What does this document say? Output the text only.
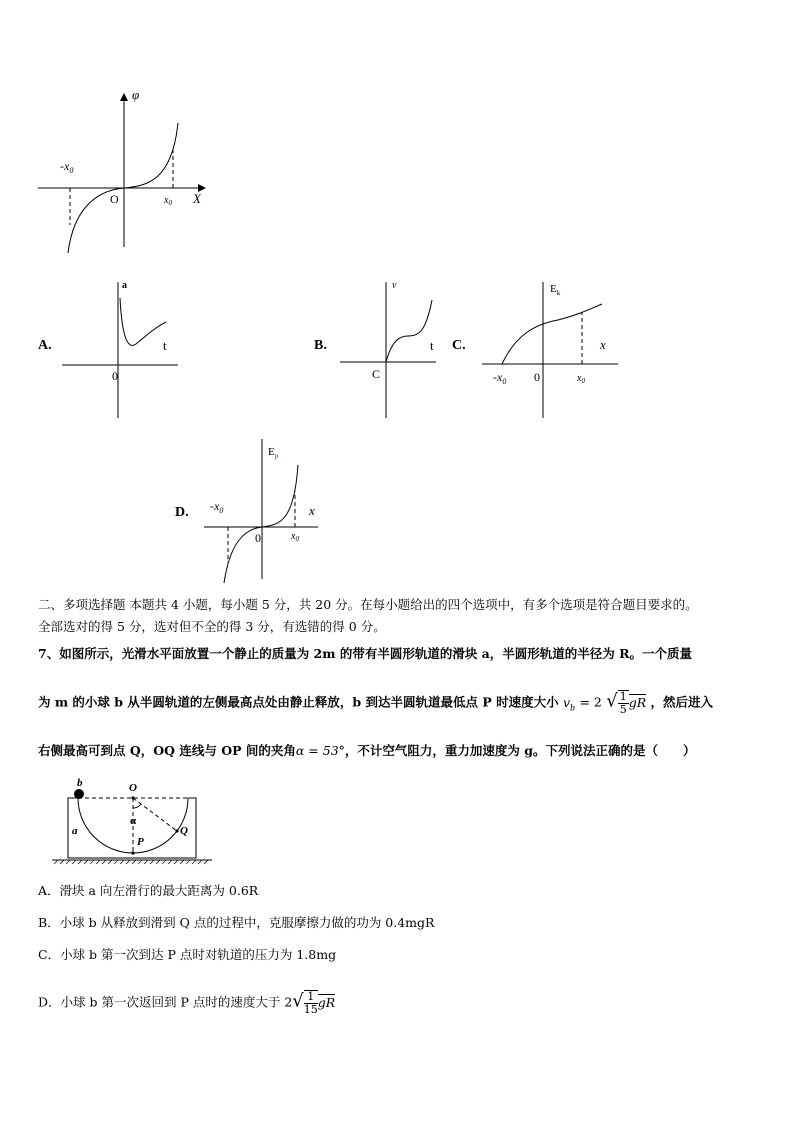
φ
$-x_0$
O	$x_0$ X
A.
a
t
0
B.
v
t
C
C.
$E_k$
x
$-x_0$ 0	$x_0$
D.
$E_p$
x
$-x_0$
0	$x_0$
二、多项选择题 本题共 4 小题，每小题 5 分，共 20 分。在每小题给出的四个选项中，有多个选项是符合题目要求的。
全部选对的得 5 分，选对但不全的得 3 分，有选错的得 0 分。
7、如图所示，光滑水平面放置一个静止的质量为 2m 的带有半圆形轨道的滑块 a，半圆形轨道的半径为 R。一个质量
为 m 的小球 b 从半圆轨道的左侧最高点处由静止释放，b 到达半圆轨道最低点 P 时速度大小 $v_b = 2$ √ $\frac{1}{5}$ gR ，然后进入
右侧最高可到点 Q，OQ 连线与 OP 间的夹角α = 53°，不计空气阻力，重力加速度为 g。下列说法正确的是（　　）
b	O
a
α
P
Q
A．滑块 a 向左滑行的最大距离为 0.6R
B．小球 b 从释放到滑到 Q 点的过程中，克服摩擦力做的功为 0.4mgR
C．小球 b 第一次到达 P 点时对轨道的压力为 1.8mg
D．小球 b 第一次返回到 P 点时的速度大于 $2√ \frac{1}{15}$ gR
